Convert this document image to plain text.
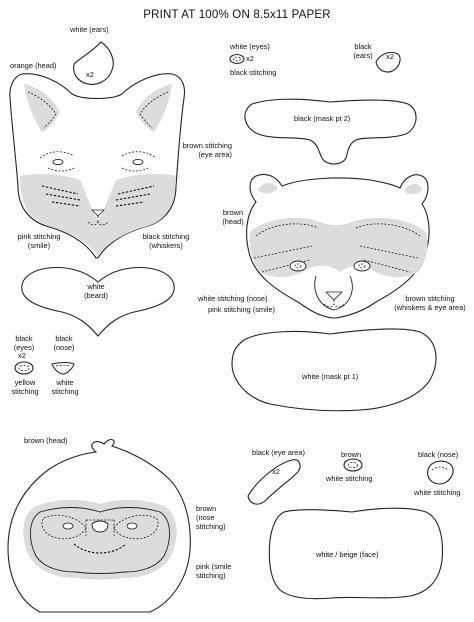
PRINT AT 100% ON 8.5x11 PAPER
white (ears)
x2
orange (head)
brown stitching (eye area)
pink stitching (smile)
black stitching (whiskers)
white (beard)
black (eyes)
x2
black (nose)
yellow stitching
white stitching
white (eyes)
x2
black stitching
black (ears)	x2
black (mask pt 2)
brown (head)
white stitching (nose)
pink stitching (smile)
brown stitching (whiskers & eye area)
white (mask pt 1)
brown (head)
brown (nose stitching)
pink (smile stitching)
black (eye area)
x2
brown
white stitching
black (nose)
white stitching
white / beige (face)
